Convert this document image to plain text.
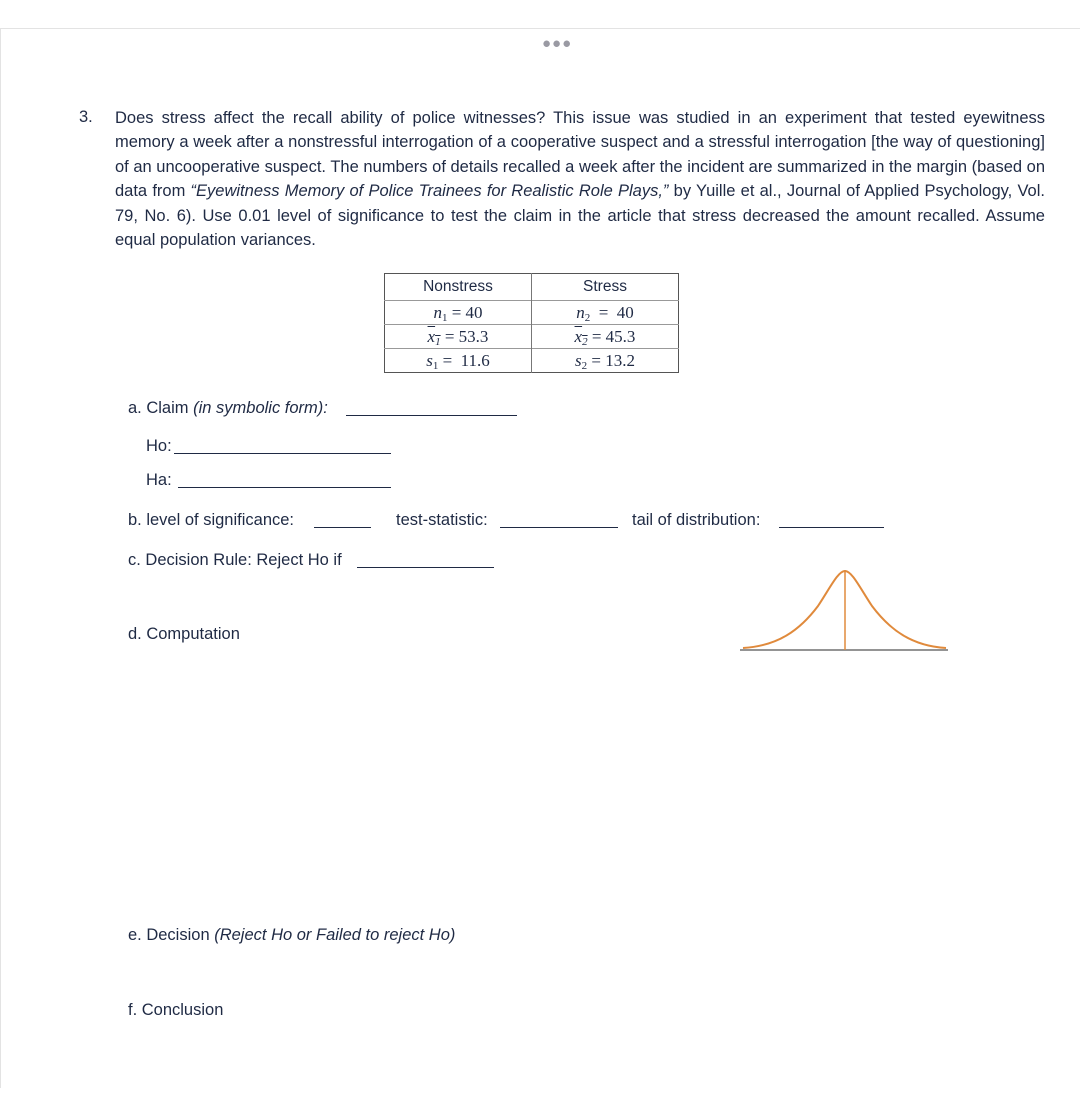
●●●
3. Does stress affect the recall ability of police witnesses? This issue was studied in an experiment that tested eyewitness memory a week after a nonstressful interrogation of a cooperative suspect and a stressful interrogation [the way of questioning] of an uncooperative suspect. The numbers of details recalled a week after the incident are summarized in the margin (based on data from “Eyewitness Memory of Police Trainees for Realistic Role Plays,” by Yuille et al., Journal of Applied Psychology, Vol. 79, No. 6). Use 0.01 level of significance to test the claim in the article that stress decreased the amount recalled. Assume equal population variances.
Nonstress	Stress
$n_1 = 40$	$n_2 = 40$
$x_1 = 53.3$	$x_2 = 45.3$
$s_1 = 11.6$	$s_2 = 13.2$
a. Claim (in symbolic form):
Ho:
Ha:
b. level of significance:	test-statistic:	tail of distribution:
c. Decision Rule: Reject Ho if
d. Computation
e. Decision (Reject Ho or Failed to reject Ho)
f. Conclusion
